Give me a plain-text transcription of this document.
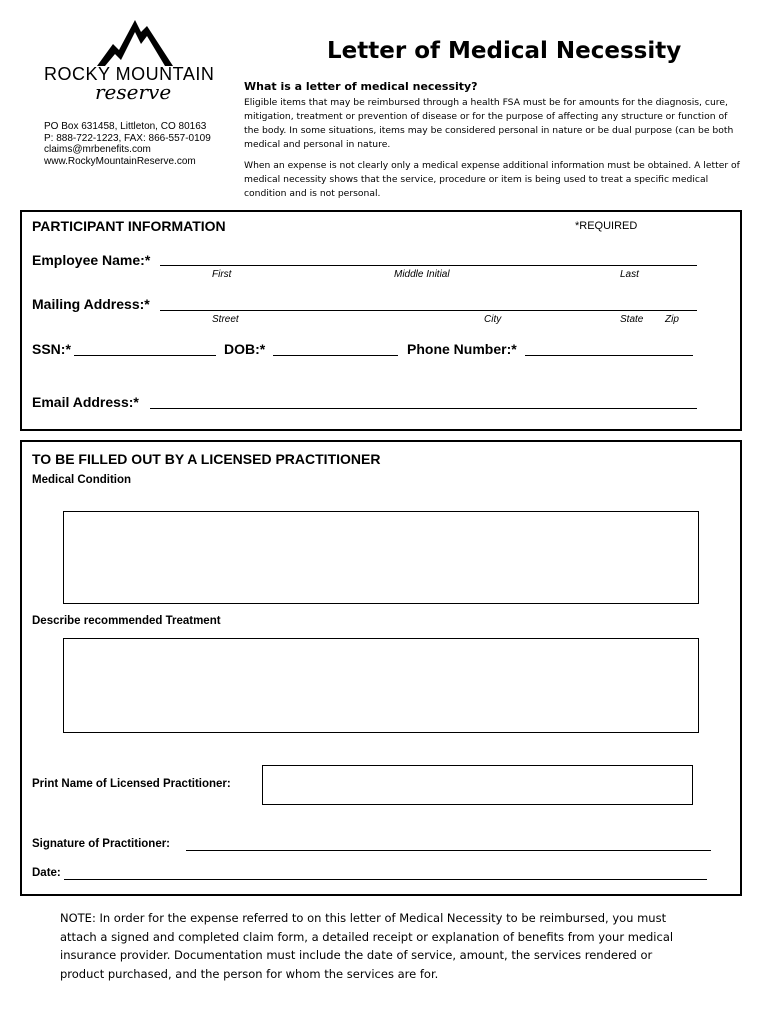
ROCKY MOUNTAIN
reserve
PO Box 631458, Littleton, CO 80163
P: 888-722-1223, FAX: 866-557-0109
claims@mrbenefits.com
www.RockyMountainReserve.com
Letter of Medical Necessity
What is a letter of medical necessity?
Eligible items that may be reimbursed through a health FSA must be for amounts for the diagnosis, cure, mitigation, treatment or prevention of disease or for the purpose of affecting any structure or function of the body. In some situations, items may be considered personal in nature or be dual purpose (can be both medical and personal in nature.
When an expense is not clearly only a medical expense additional information must be obtained. A letter of medical necessity shows that the service, procedure or item is being used to treat a specific medical condition and is not personal.
PARTICIPANT INFORMATION	*REQUIRED
Employee Name:*
First	Middle Initial	Last
Mailing Address:*
Street	City	State Zip
SSN:*	DOB:*	Phone Number:*
Email Address:*
TO BE FILLED OUT BY A LICENSED PRACTITIONER
Medical Condition
Describe recommended Treatment
Print Name of Licensed Practitioner:
Signature of Practitioner:
Date:
NOTE: In order for the expense referred to on this letter of Medical Necessity to be reimbursed, you must attach a signed and completed claim form, a detailed receipt or explanation of benefits from your medical insurance provider. Documentation must include the date of service, amount, the services rendered or product purchased, and the person for whom the services are for.
